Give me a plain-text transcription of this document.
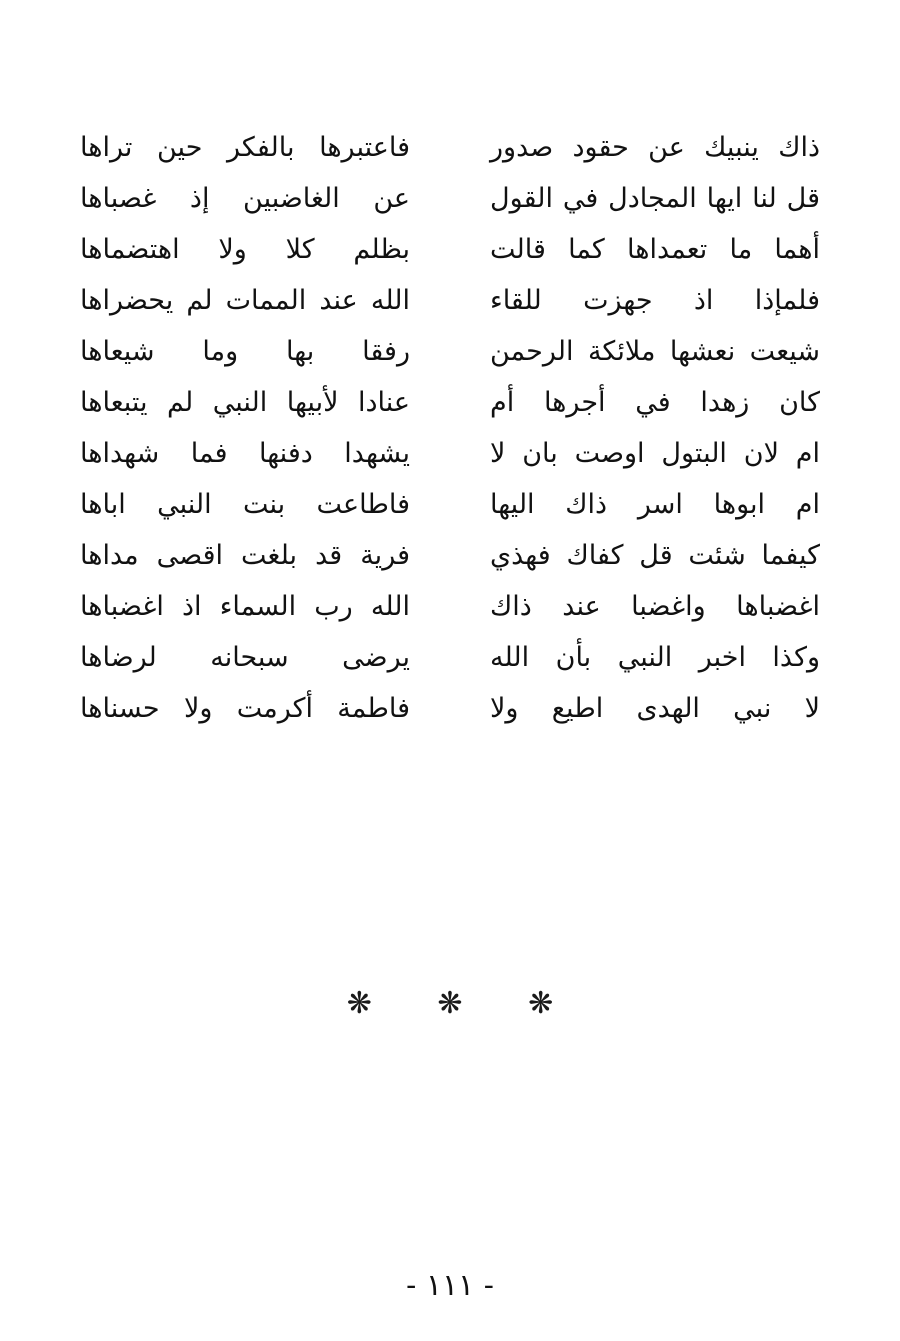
ذاك ينبيك عن حقود صدور
فاعتبرها بالفكر حين تراها
قل لنا ايها المجادل في القول
عن الغاضبين إذ غصباها
أهما ما تعمداها كما قالت
بظلم كلا ولا اهتضماها
فلمإذا اذ جهزت للقاء
الله عند الممات لم يحضراها
شيعت نعشها ملائكة الرحمن
رفقا بها وما شيعاها
كان زهدا في أجرها أم
عنادا لأبيها النبي لم يتبعاها
ام لان البتول اوصت بان لا
يشهدا دفنها فما شهداها
ام ابوها اسر ذاك اليها
فاطاعت بنت النبي اباها
كيفما شئت قل كفاك فهذي
فرية قد بلغت اقصى مداها
اغضباها واغضبا عند ذاك
الله رب السماء اذ اغضباها
وكذا اخبر النبي بأن الله
يرضى سبحانه لرضاها
لا نبي الهدى اطيع ولا
فاطمة أكرمت ولا حسناها
❋ ❋ ❋
- ١١١ -
